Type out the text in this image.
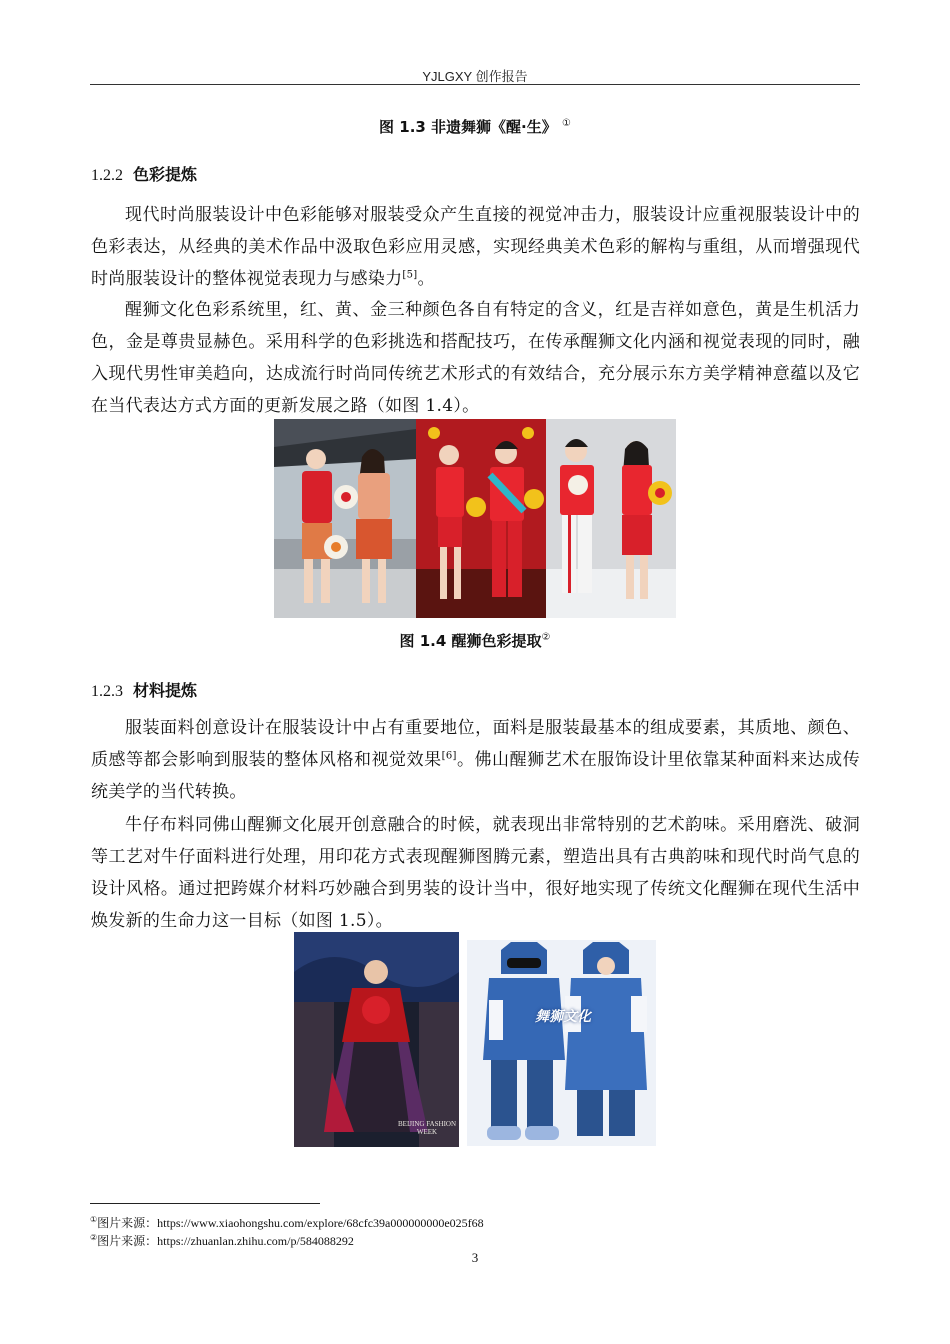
YJLGXY 创作报告
图 1.3 非遗舞狮《醒·生》 ①
1.2.2 色彩提炼

现代时尚服装设计中色彩能够对服装受众产生直接的视觉冲击力，服装设计应重视服装设计中的色彩表达，从经典的美术作品中汲取色彩应用灵感，实现经典美术色彩的解构与重组，从而增强现代时尚服装设计的整体视觉表现力与感染力[5]。

醒狮文化色彩系统里，红、黄、金三种颜色各自有特定的含义，红是吉祥如意色，黄是生机活力色，金是尊贵显赫色。采用科学的色彩挑选和搭配技巧，在传承醒狮文化内涵和视觉表现的同时，融入现代男性审美趋向，达成流行时尚同传统艺术形式的有效结合，充分展示东方美学精神意蕴以及它在当代表达方式方面的更新发展之路（如图 1.4）。

图 1.4 醒狮色彩提取②
1.2.3 材料提炼

服装面料创意设计在服装设计中占有重要地位，面料是服装最基本的组成要素，其质地、颜色、质感等都会影响到服装的整体风格和视觉效果[6]。佛山醒狮艺术在服饰设计里依靠某种面料来达成传统美学的当代转换。

牛仔布料同佛山醒狮文化展开创意融合的时候，就表现出非常特别的艺术韵味。采用磨洗、破洞等工艺对牛仔面料进行处理，用印花方式表现醒狮图腾元素，塑造出具有古典韵味和现代时尚气息的设计风格。通过把跨媒介材料巧妙融合到男装的设计当中，很好地实现了传统文化醒狮在现代生活中焕发新的生命力这一目标（如图 1.5）。

BEIJING FASHION WEEK
舞狮文化
①图片来源：https://www.xiaohongshu.com/explore/68cfc39a000000000e025f68
②图片来源：https://zhuanlan.zhihu.com/p/584088292
3
